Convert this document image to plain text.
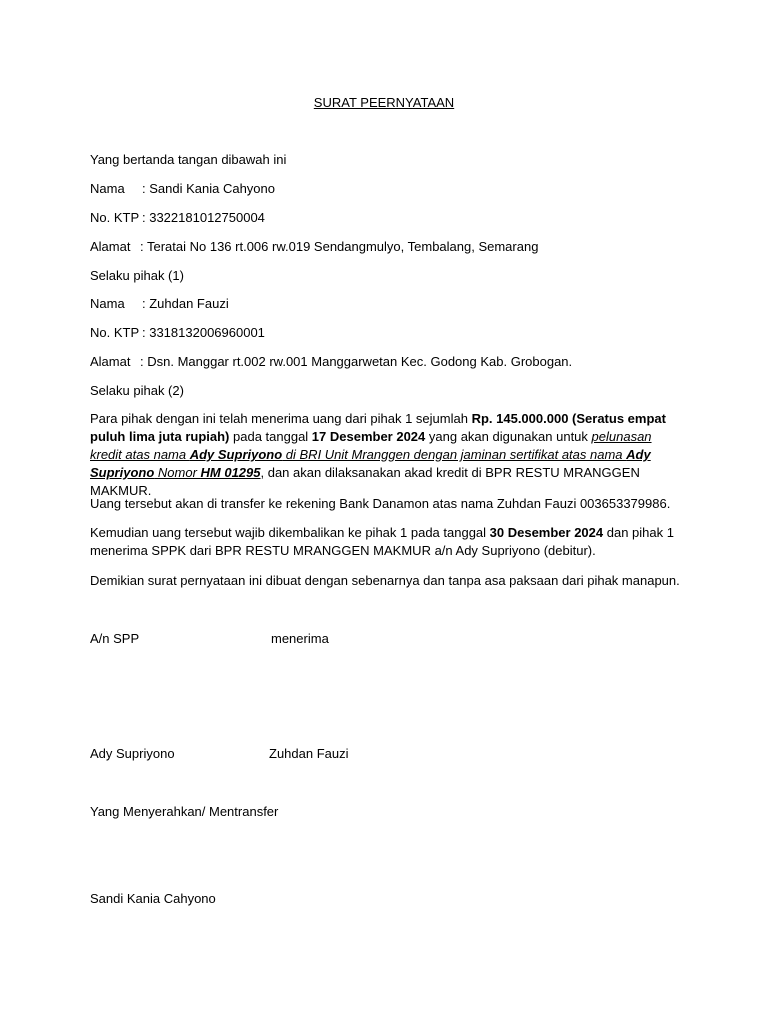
SURAT PEERNYATAAN
Yang bertanda tangan dibawah ini
Nama : Sandi Kania Cahyono
No. KTP : 3322181012750004
Alamat : Teratai No 136 rt.006 rw.019 Sendangmulyo, Tembalang, Semarang
Selaku pihak (1)
Nama : Zuhdan Fauzi
No. KTP : 3318132006960001
Alamat : Dsn. Manggar rt.002 rw.001 Manggarwetan Kec. Godong Kab. Grobogan.
Selaku pihak (2)
Para pihak dengan ini telah menerima uang dari pihak 1 sejumlah Rp. 145.000.000 (Seratus empat puluh lima juta rupiah) pada tanggal 17 Desember 2024 yang akan digunakan untuk pelunasan kredit atas nama Ady Supriyono di BRI Unit Mranggen dengan jaminan sertifikat atas nama Ady Supriyono Nomor HM 01295, dan akan dilaksanakan akad kredit di BPR RESTU MRANGGEN MAKMUR.
Uang tersebut akan di transfer ke rekening Bank Danamon atas nama Zuhdan Fauzi 003653379986.
Kemudian uang tersebut wajib dikembalikan ke pihak 1 pada tanggal 30 Desember 2024 dan pihak 1 menerima SPPK dari BPR RESTU MRANGGEN MAKMUR a/n Ady Supriyono (debitur).
Demikian surat pernyataan ini dibuat dengan sebenarnya dan tanpa asa paksaan dari pihak manapun.
A/n SPP	menerima
Ady Supriyono	Zuhdan Fauzi
Yang Menyerahkan/ Mentransfer
Sandi Kania Cahyono
